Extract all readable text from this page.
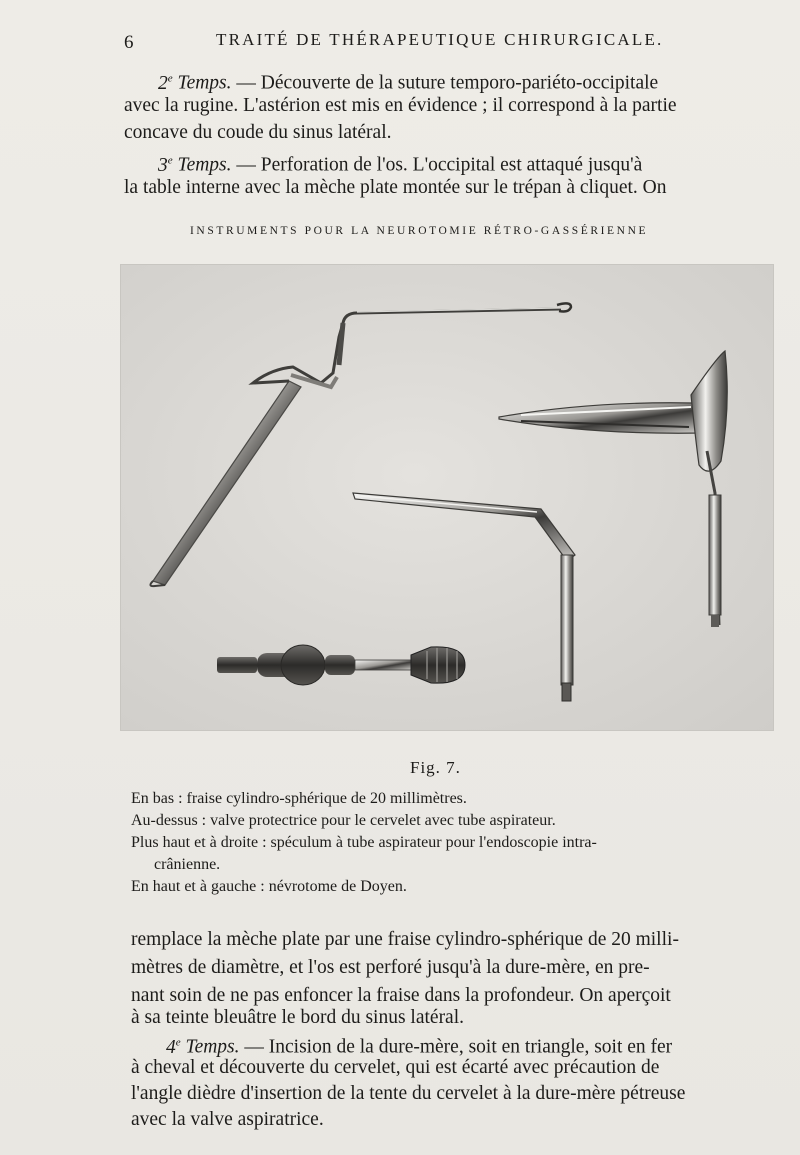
6	TRAITÉ DE THÉRAPEUTIQUE CHIRURGICALE.
2e Temps. — Découverte de la suture temporo-pariéto-occipitale
avec la rugine. L'astérion est mis en évidence ; il correspond à la partie
concave du coude du sinus latéral.
3e Temps. — Perforation de l'os. L'occipital est attaqué jusqu'à
la table interne avec la mèche plate montée sur le trépan à cliquet. On
INSTRUMENTS POUR LA NEUROTOMIE RÉTRO-GASSÉRIENNE
Fig. 7.
En bas : fraise cylindro-sphérique de 20 millimètres.
Au-dessus : valve protectrice pour le cervelet avec tube aspirateur.
Plus haut et à droite : spéculum à tube aspirateur pour l'endoscopie intra-
crânienne.
En haut et à gauche : névrotome de Doyen.
remplace la mèche plate par une fraise cylindro-sphérique de 20 milli-
mètres de diamètre, et l'os est perforé jusqu'à la dure-mère, en pre-
nant soin de ne pas enfoncer la fraise dans la profondeur. On aperçoit
à sa teinte bleuâtre le bord du sinus latéral.
4e Temps. — Incision de la dure-mère, soit en triangle, soit en fer
à cheval et découverte du cervelet, qui est écarté avec précaution de
l'angle dièdre d'insertion de la tente du cervelet à la dure-mère pétreuse
avec la valve aspiratrice.
